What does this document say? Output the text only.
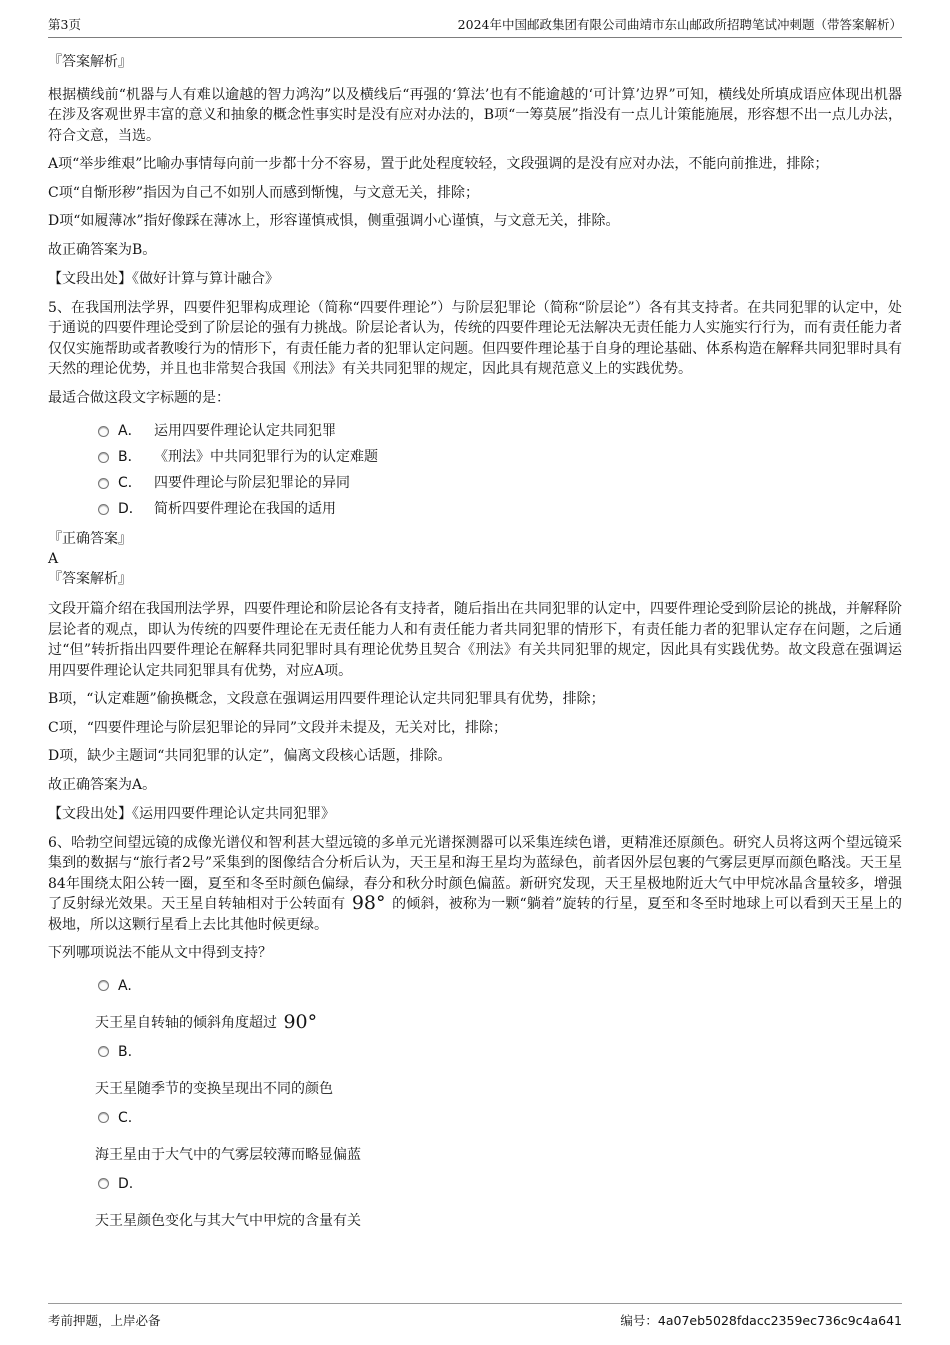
第3页	2024年中国邮政集团有限公司曲靖市东山邮政所招聘笔试冲刺题（带答案解析）

『答案解析』

根据横线前“机器与人有难以逾越的智力鸿沟”以及横线后“再强的‘算法’也有不能逾越的‘可计算’边界”可知，横线处所填成语应体现出机器在涉及客观世界丰富的意义和抽象的概念性事实时是没有应对办法的，B项“一筹莫展”指没有一点儿计策能施展，形容想不出一点儿办法，符合文意，当选。

A项“举步维艰”比喻办事情每向前一步都十分不容易，置于此处程度较轻，文段强调的是没有应对办法，不能向前推进，排除；

C项“自惭形秽”指因为自己不如别人而感到惭愧，与文意无关，排除；

D项“如履薄冰”指好像踩在薄冰上，形容谨慎戒惧，侧重强调小心谨慎，与文意无关，排除。

故正确答案为B。

【文段出处】《做好计算与算计融合》

5、在我国刑法学界，四要件犯罪构成理论（简称“四要件理论”）与阶层犯罪论（简称“阶层论”）各有其支持者。在共同犯罪的认定中，处于通说的四要件理论受到了阶层论的强有力挑战。阶层论者认为，传统的四要件理论无法解决无责任能力人实施实行行为，而有责任能力者仅仅实施帮助或者教唆行为的情形下，有责任能力者的犯罪认定问题。但四要件理论基于自身的理论基础、体系构造在解释共同犯罪时具有天然的理论优势，并且也非常契合我国《刑法》有关共同犯罪的规定，因此具有规范意义上的实践优势。

最适合做这段文字标题的是：

A． 运用四要件理论认定共同犯罪
B． 《刑法》中共同犯罪行为的认定难题
C． 四要件理论与阶层犯罪论的异同
D． 简析四要件理论在我国的适用

『正确答案』

A

『答案解析』

文段开篇介绍在我国刑法学界，四要件理论和阶层论各有支持者，随后指出在共同犯罪的认定中，四要件理论受到阶层论的挑战，并解释阶层论者的观点，即认为传统的四要件理论在无责任能力人和有责任能力者共同犯罪的情形下，有责任能力者的犯罪认定存在问题，之后通过“但”转折指出四要件理论在解释共同犯罪时具有理论优势且契合《刑法》有关共同犯罪的规定，因此具有实践优势。故文段意在强调运用四要件理论认定共同犯罪具有优势，对应A项。

B项，“认定难题”偷换概念，文段意在强调运用四要件理论认定共同犯罪具有优势，排除；

C项，“四要件理论与阶层犯罪论的异同”文段并未提及，无关对比，排除；

D项，缺少主题词“共同犯罪的认定”，偏离文段核心话题，排除。

故正确答案为A。

【文段出处】《运用四要件理论认定共同犯罪》

6、哈勃空间望远镜的成像光谱仪和智利甚大望远镜的多单元光谱探测器可以采集连续色谱，更精准还原颜色。研究人员将这两个望远镜采集到的数据与“旅行者2号”采集到的图像结合分析后认为，天王星和海王星均为蓝绿色，前者因外层包裹的气雾层更厚而颜色略浅。天王星84年围绕太阳公转一圈，夏至和冬至时颜色偏绿，春分和秋分时颜色偏蓝。新研究发现，天王星极地附近大气中甲烷冰晶含量较多，增强了反射绿光效果。天王星自转轴相对于公转面有 98° 的倾斜，被称为一颗“躺着”旋转的行星，夏至和冬至时地球上可以看到天王星上的极地，所以这颗行星看上去比其他时候更绿。

下列哪项说法不能从文中得到支持？

A.
天王星自转轴的倾斜角度超过 90°
B.
天王星随季节的变换呈现出不同的颜色
C.
海王星由于大气中的气雾层较薄而略显偏蓝
D.
天王星颜色变化与其大气中甲烷的含量有关
考前押题，上岸必备	编号：4a07eb5028fdacc2359ec736c9c4a641
